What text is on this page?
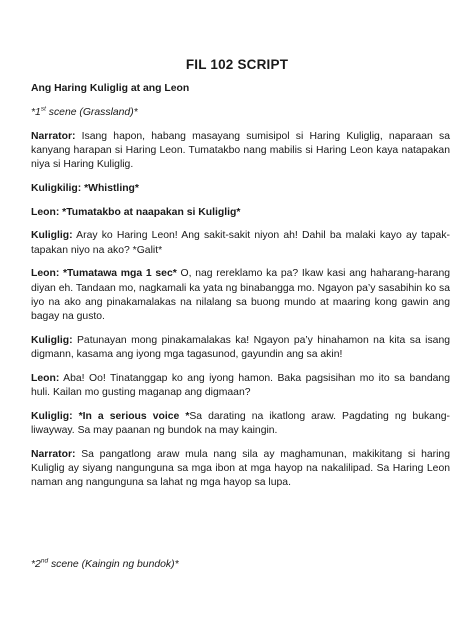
FIL 102 SCRIPT

Ang Haring Kuliglig at ang Leon

*1st scene (Grassland)*

Narrator: Isang hapon, habang masayang sumisipol si Haring Kuliglig, naparaan sa kanyang harapan si Haring Leon. Tumatakbo nang mabilis si Haring Leon kaya natapakan niya si Haring Kuliglig.

Kuligkilig: *Whistling*

Leon: *Tumatakbo at naapakan si Kuliglig*

Kuliglig: Aray ko Haring Leon! Ang sakit-sakit niyon ah! Dahil ba malaki kayo ay tapak-tapakan niyo na ako? *Galit*

Leon: *Tumatawa mga 1 sec* O, nag rereklamo ka pa? Ikaw kasi ang haharang-harang diyan eh. Tandaan mo, nagkamali ka yata ng binabangga mo. Ngayon pa’y sasabihin ko sa iyo na ako ang pinakamalakas na nilalang sa buong mundo at maaring kong gawin ang bagay na gusto.

Kuliglig: Patunayan mong pinakamalakas ka! Ngayon pa’y hinahamon na kita sa isang digmann, kasama ang iyong mga tagasunod, gayundin ang sa akin!

Leon: Aba! Oo! Tinatanggap ko ang iyong hamon. Baka pagsisihan mo ito sa bandang huli. Kailan mo gusting maganap ang digmaan?

Kuliglig: *In a serious voice *Sa darating na ikatlong araw. Pagdating ng bukang-liwayway. Sa may paanan ng bundok na may kaingin.

Narrator: Sa pangatlong araw mula nang sila ay maghamunan, makikitang si haring Kuliglig ay siyang nangunguna sa mga ibon at mga hayop na nakalilipad. Sa Haring Leon naman ang nangunguna sa lahat ng mga hayop sa lupa.

*2nd scene (Kaingin ng bundok)*
